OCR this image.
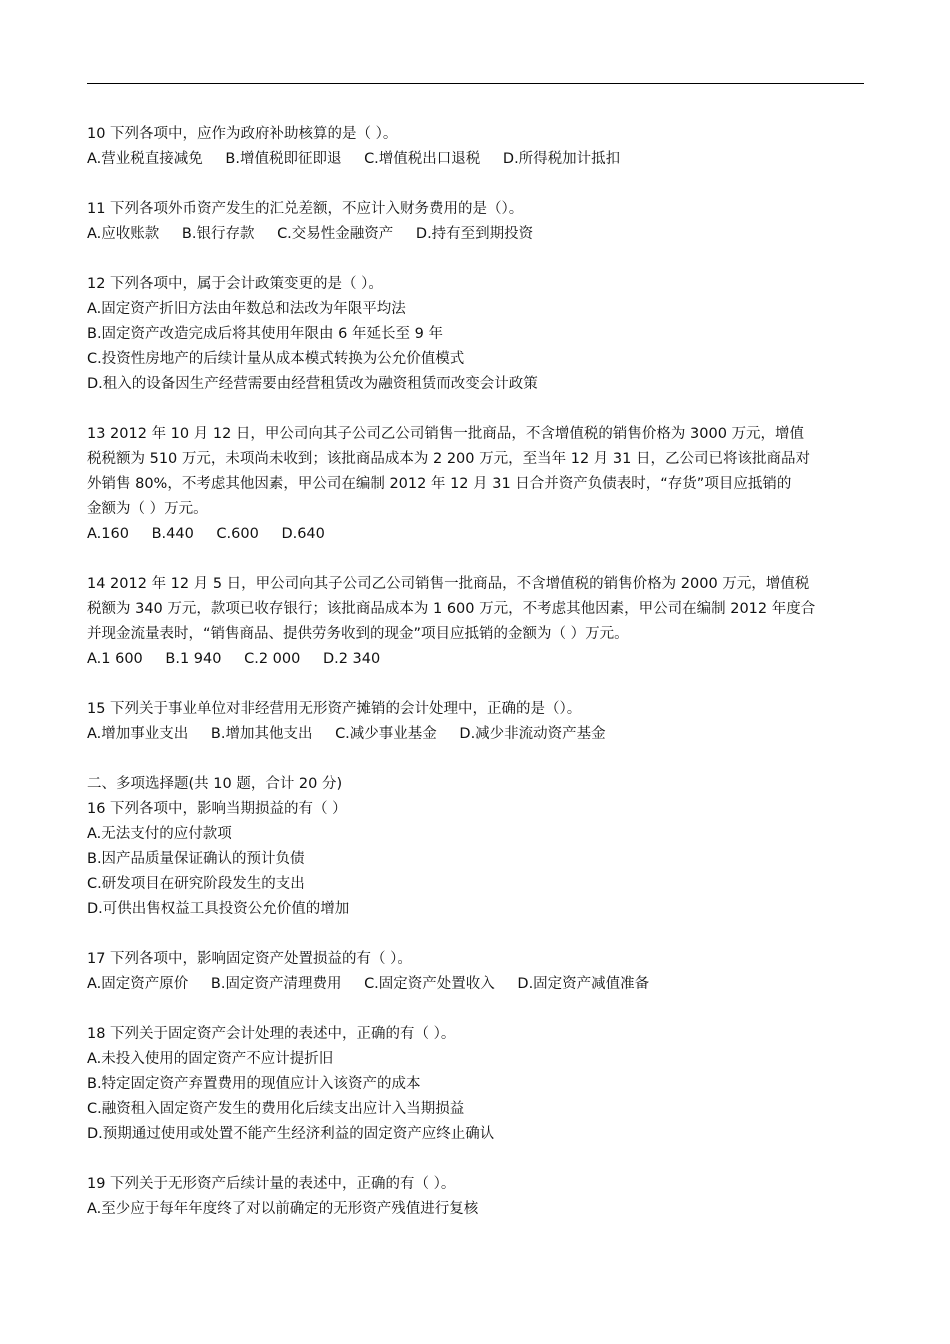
10 下列各项中，应作为政府补助核算的是（ ）。
A.营业税直接减免 B.增值税即征即退 C.增值税出口退税 D.所得税加计抵扣
11 下列各项外币资产发生的汇兑差额，不应计入财务费用的是（）。
A.应收账款 B.银行存款 C.交易性金融资产 D.持有至到期投资
12 下列各项中，属于会计政策变更的是（ ）。
A.固定资产折旧方法由年数总和法改为年限平均法
B.固定资产改造完成后将其使用年限由 6 年延长至 9 年
C.投资性房地产的后续计量从成本模式转换为公允价值模式
D.租入的设备因生产经营需要由经营租赁改为融资租赁而改变会计政策
13 2012 年 10 月 12 日，甲公司向其子公司乙公司销售一批商品，不含增值税的销售价格为 3000 万元，增值
税税额为 510 万元，未项尚未收到；该批商品成本为 2 200 万元，至当年 12 月 31 日，乙公司已将该批商品对
外销售 80%，不考虑其他因素，甲公司在编制 2012 年 12 月 31 日合并资产负债表时，“存货”项目应抵销的
金额为（ ）万元。
A.160 B.440 C.600 D.640
14 2012 年 12 月 5 日，甲公司向其子公司乙公司销售一批商品，不含增值税的销售价格为 2000 万元，增值税
税额为 340 万元，款项已收存银行；该批商品成本为 1 600 万元，不考虑其他因素，甲公司在编制 2012 年度合
并现金流量表时，“销售商品、提供劳务收到的现金”项目应抵销的金额为（ ）万元。
A.1 600 B.1 940 C.2 000 D.2 340
15 下列关于事业单位对非经营用无形资产摊销的会计处理中，正确的是（）。
A.增加事业支出 B.增加其他支出 C.减少事业基金 D.减少非流动资产基金
二、多项选择题(共 10 题，合计 20 分)
16 下列各项中，影响当期损益的有（ ）
A.无法支付的应付款项
B.因产品质量保证确认的预计负债
C.研发项目在研究阶段发生的支出
D.可供出售权益工具投资公允价值的增加
17 下列各项中，影响固定资产处置损益的有（ ）。
A.固定资产原价 B.固定资产清理费用 C.固定资产处置收入 D.固定资产减值准备
18 下列关于固定资产会计处理的表述中，正确的有（ ）。
A.未投入使用的固定资产不应计提折旧
B.特定固定资产弃置费用的现值应计入该资产的成本
C.融资租入固定资产发生的费用化后续支出应计入当期损益
D.预期通过使用或处置不能产生经济利益的固定资产应终止确认
19 下列关于无形资产后续计量的表述中，正确的有（ ）。
A.至少应于每年年度终了对以前确定的无形资产残值进行复核
